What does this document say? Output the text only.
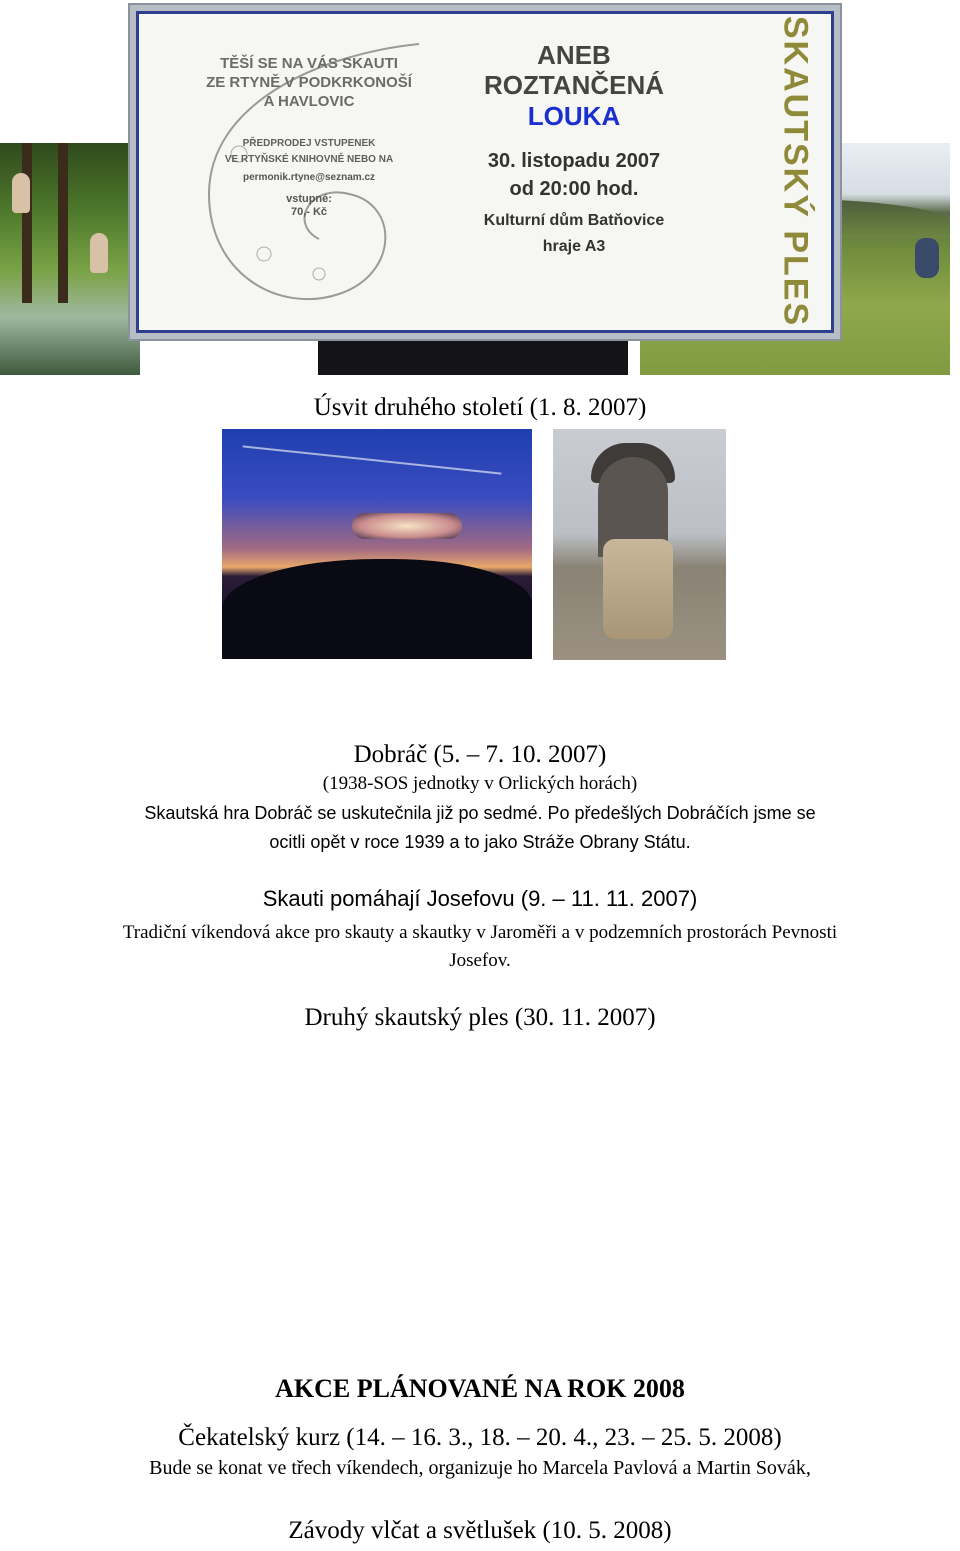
TĚŠÍ SE NA VÁS SKAUTI
ZE RTYNĚ V PODKRKONOŠÍ
A HAVLOVIC
PŘEDPRODEJ VSTUPENEK
VE RTYŇSKÉ KNIHOVNĚ NEBO NA
permonik.rtyne@seznam.cz
vstupné:
70,- Kč
ANEB
ROZTANČENÁ
LOUKA
30. listopadu 2007
od 20:00 hod.
Kulturní dům Batňovice
hraje A3	SKAUTSKÝ PLES
Úsvit druhého století (1. 8. 2007)
Dobráč (5. – 7. 10. 2007)
(1938-SOS jednotky v Orlických horách)
Skautská hra Dobráč se uskutečnila již po sedmé. Po předešlých Dobráčích jsme se
ocitli opět v roce 1939 a to jako Stráže Obrany Státu.
Skauti pomáhají Josefovu (9. – 11. 11. 2007)
Tradiční víkendová akce pro skauty a skautky v Jaroměři a v podzemních prostorách Pevnosti
Josefov.
Druhý skautský ples (30. 11. 2007)
AKCE PLÁNOVANÉ NA ROK 2008
Čekatelský kurz (14. – 16. 3., 18. – 20. 4., 23. – 25. 5. 2008)
Bude se konat ve třech víkendech, organizuje ho Marcela Pavlová a Martin Sovák,
Závody vlčat a světlušek (10. 5. 2008)
